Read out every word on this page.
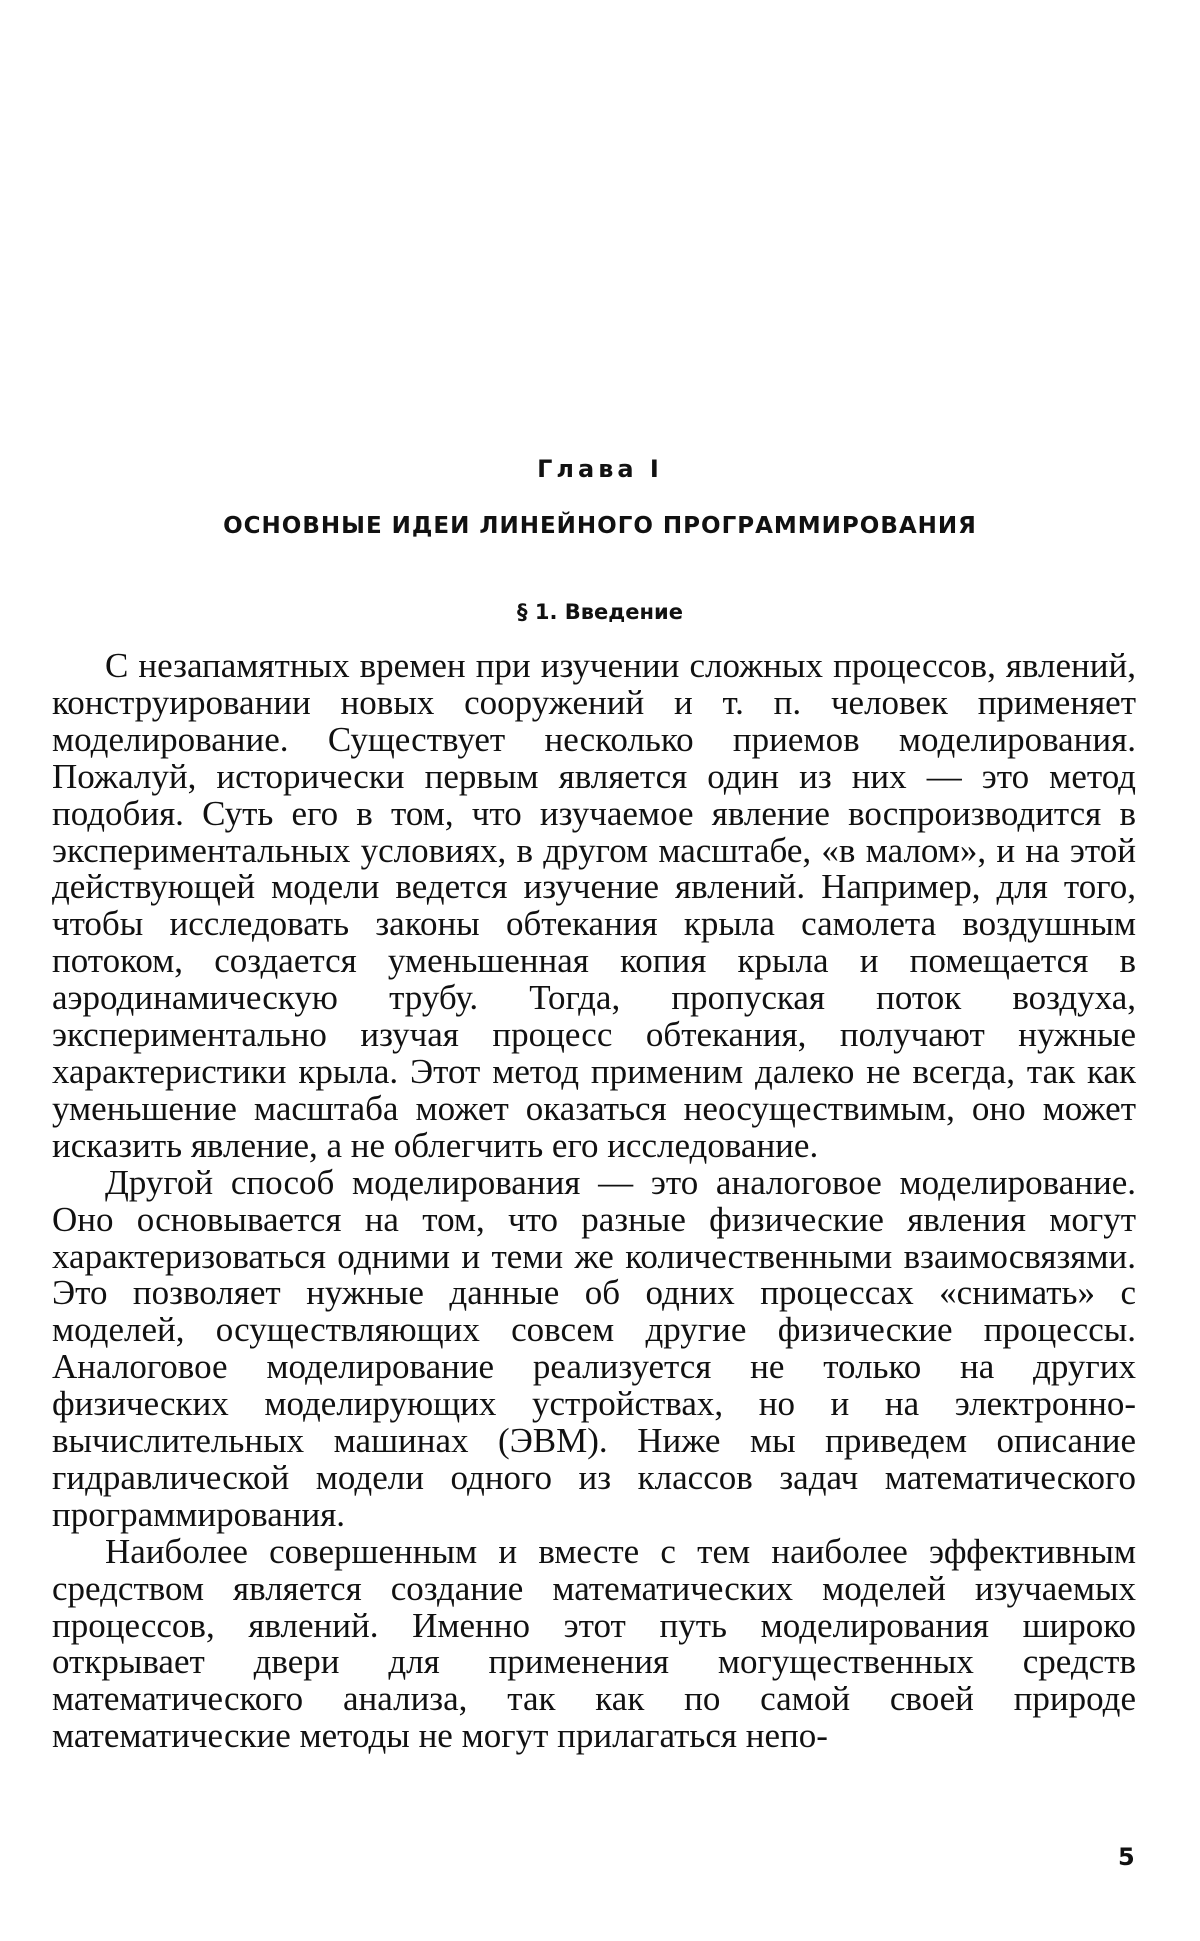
Глава I
ОСНОВНЫЕ ИДЕИ ЛИНЕЙНОГО ПРОГРАММИРОВАНИЯ
§ 1. Введение

С незапамятных времен при изучении сложных процессов, явлений, конструировании новых сооружений и т. п. человек применяет моделирование. Существует несколько приемов моделирования. Пожалуй, исторически первым является один из них — это метод подобия. Суть его в том, что изучаемое явление воспроизводится в экспериментальных условиях, в другом масштабе, «в малом», и на этой действующей модели ведется изучение явлений. Например, для того, чтобы исследовать законы обтекания крыла самолета воздушным потоком, создается уменьшенная копия крыла и помещается в аэродинамическую трубу. Тогда, пропуская поток воздуха, экспериментально изучая процесс обтекания, получают нужные характеристики крыла. Этот метод применим далеко не всегда, так как уменьшение масштаба может оказаться неосуществимым, оно может исказить явление, а не облегчить его исследование.

Другой способ моделирования — это аналоговое моделирование. Оно основывается на том, что разные физические явления могут характеризоваться одними и теми же количественными взаимосвязями. Это позволяет нужные данные об одних процессах «снимать» с моделей, осуществляющих совсем другие физические процессы. Аналоговое моделирование реализуется не только на других физических моделирующих устройствах, но и на электронно-вычислительных машинах (ЭВМ). Ниже мы приведем описание гидравлической модели одного из классов задач математического программирования.

Наиболее совершенным и вместе с тем наиболее эффективным средством является создание математических моделей изучаемых процессов, явлений. Именно этот путь моделирования широко открывает двери для применения могущественных средств математического анализа, так как по самой своей природе математические методы не могут прилагаться непо-

5
